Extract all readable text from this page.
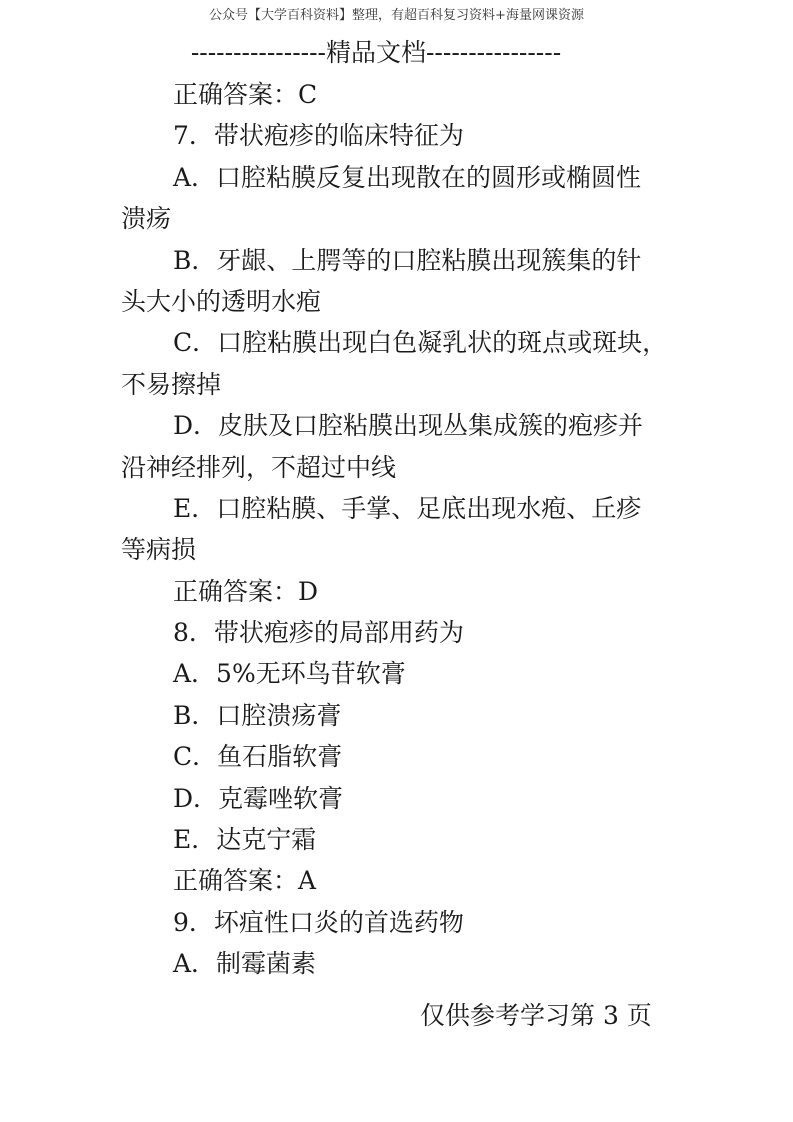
公众号【大学百科资料】整理，有超百科复习资料+海量网课资源
----------------精品文档----------------
正确答案：C
7．带状疱疹的临床特征为
A．口腔粘膜反复出现散在的圆形或椭圆性
溃疡
B．牙龈、上腭等的口腔粘膜出现簇集的针
头大小的透明水疱
C．口腔粘膜出现白色凝乳状的斑点或斑块，
不易擦掉
D．皮肤及口腔粘膜出现丛集成簇的疱疹并
沿神经排列，不超过中线
E．口腔粘膜、手掌、足底出现水疱、丘疹
等病损
正确答案：D
8．带状疱疹的局部用药为
A．5%无环鸟苷软膏
B．口腔溃疡膏
C．鱼石脂软膏
D．克霉唑软膏
E．达克宁霜
正确答案：A
9．坏疽性口炎的首选药物
A．制霉菌素
仅供参考学习第 3 页
